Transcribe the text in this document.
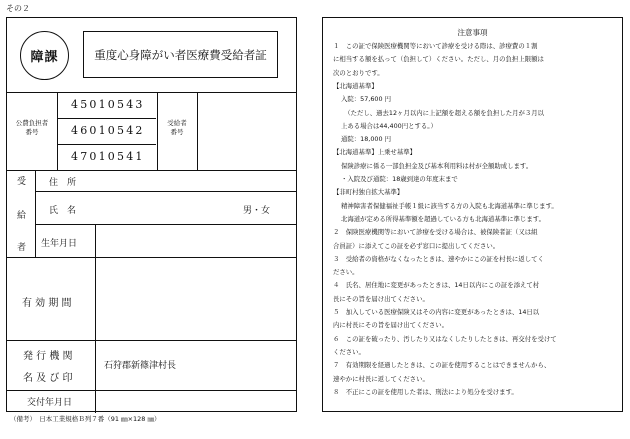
その２
障課	重度心身障がい者医療費受給者証
公費負担者
番号
45010543
46010542
47010541
受給者
番号
受
給
者
住　所
氏　名	男・女
生年月日
有 効 期 間
発 行 機 関
名 及 び 印
石狩郡新篠津村長
交付年月日
注意事項
１　この証で保険医療機関等において診療を受ける際は、診療費の１割
に相当する額を払って（負担して）ください。ただし、月の負担上限額は
次のとおりです。
【北海道基準】
入院：57,600 円
　（ただし、過去12ヶ月以内に上記額を超える額を負担した月が３月以
上ある場合は44,400円とする。）
通院：18,000 円
【北海道基準】上乗せ基準】
保険診療に係る一部負担金及び基本利用料は村が全額助成します。
・入院及び通院：18歳到達の年度末まで
【非町村独自拡大基準】
精神障害者保健福祉手帳１級に該当する方の入院も北海道基準に準じます。
北海道が定める所得基準額を超過している方も北海道基準に準じます。
２　保険医療機関等において診療を受ける場合は、被保険者証（又は組
合員証）に添えてこの証を必ず窓口に提出してください。
３　受給者の資格がなくなったときは、速やかにこの証を村長に返してく
ださい。
４　氏名、居住地に変更があったときは、14日以内にこの証を添えて村
長にその旨を届け出てください。
５　加入している医療保険又はその内容に変更があったときは、14日以
内に村長にその旨を届け出てください。
６　この証を破ったり、汚したり又はなくしたりしたときは、再交付を受けて
ください。
７　有効期限を経過したときは、この証を使用することはできませんから、
速やかに村長に返してください。
８　不正にこの証を使用した者は、刑法により処分を受けます。
（備考）　日本工業規格Ｂ列７番（91 ㎜×128 ㎜）
